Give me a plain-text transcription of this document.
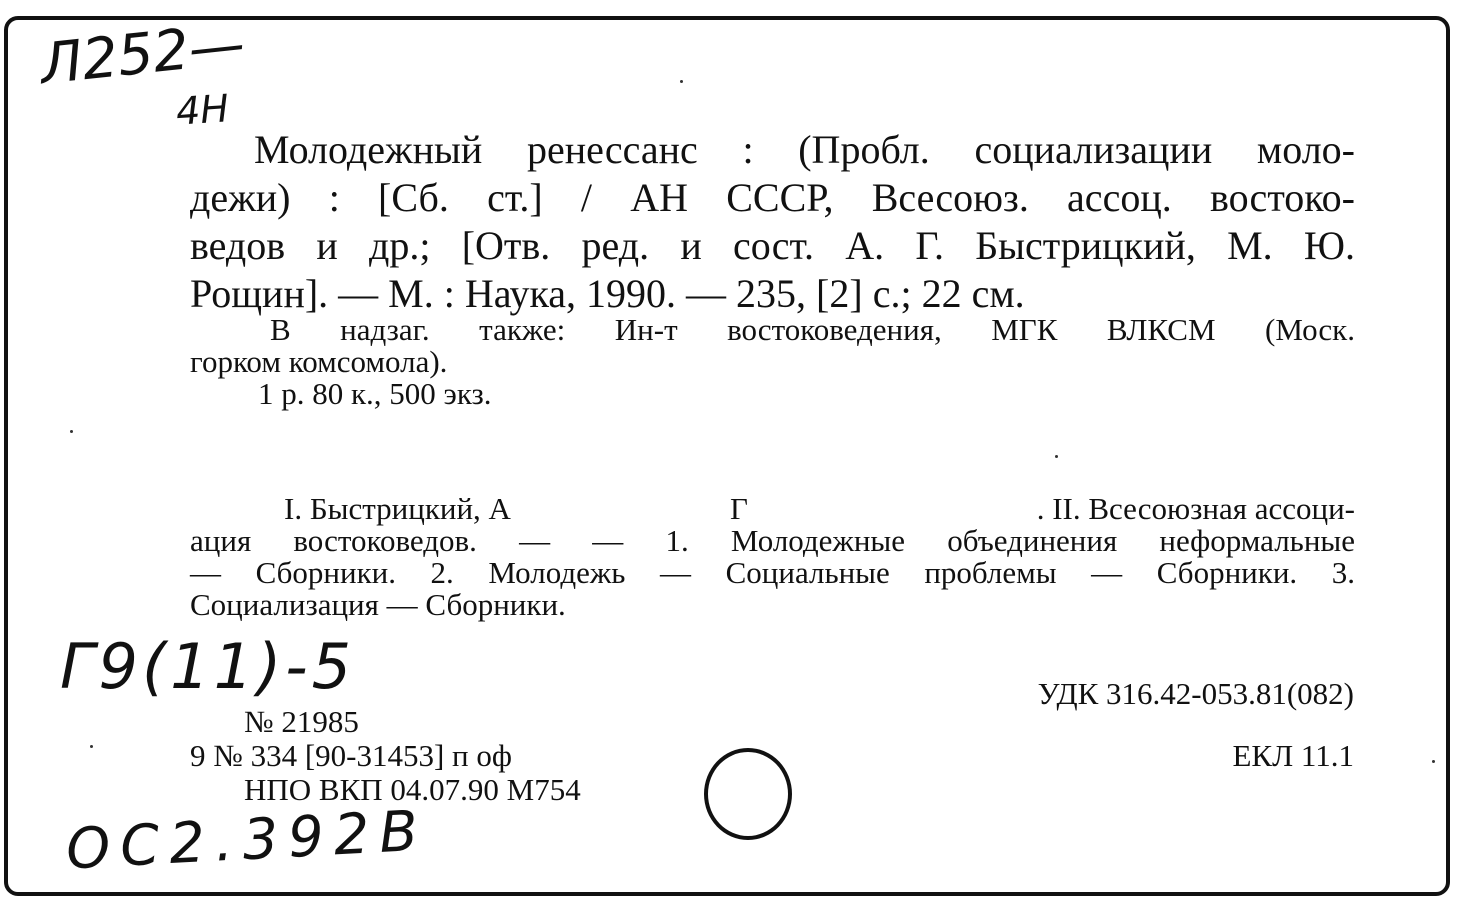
Л252—
4H
Молодежный ренессанс : (Пробл. социализации моло-
дежи) : [Сб. ст.] / АН СССР, Всесоюз. ассоц. востоко-
ведов и др.; [Отв. ред. и сост. А. Г. Быстрицкий, М. Ю.
Рощин]. — М. : Наука, 1990. — 235, [2] с.; 22 см.
В надзаг. также: Ин-т востоковедения, МГК ВЛКСМ (Моск.
горком комсомола).
1 р. 80 к., 500 экз.
I. Быстрицкий, А	Г	. II. Всесоюзная ассоци-
ация востоковедов. — — 1. Молодежные объединения неформальные
— Сборники. 2. Молодежь — Социальные проблемы — Сборники. 3.
Социализация — Сборники.
Г9(11)-5	УДК 316.42-053.81(082)
№ 21985
9 № 334 [90-31453] п оф	ЕКЛ 11.1
НПО ВКП 04.07.90 М754
ОС2.392В
